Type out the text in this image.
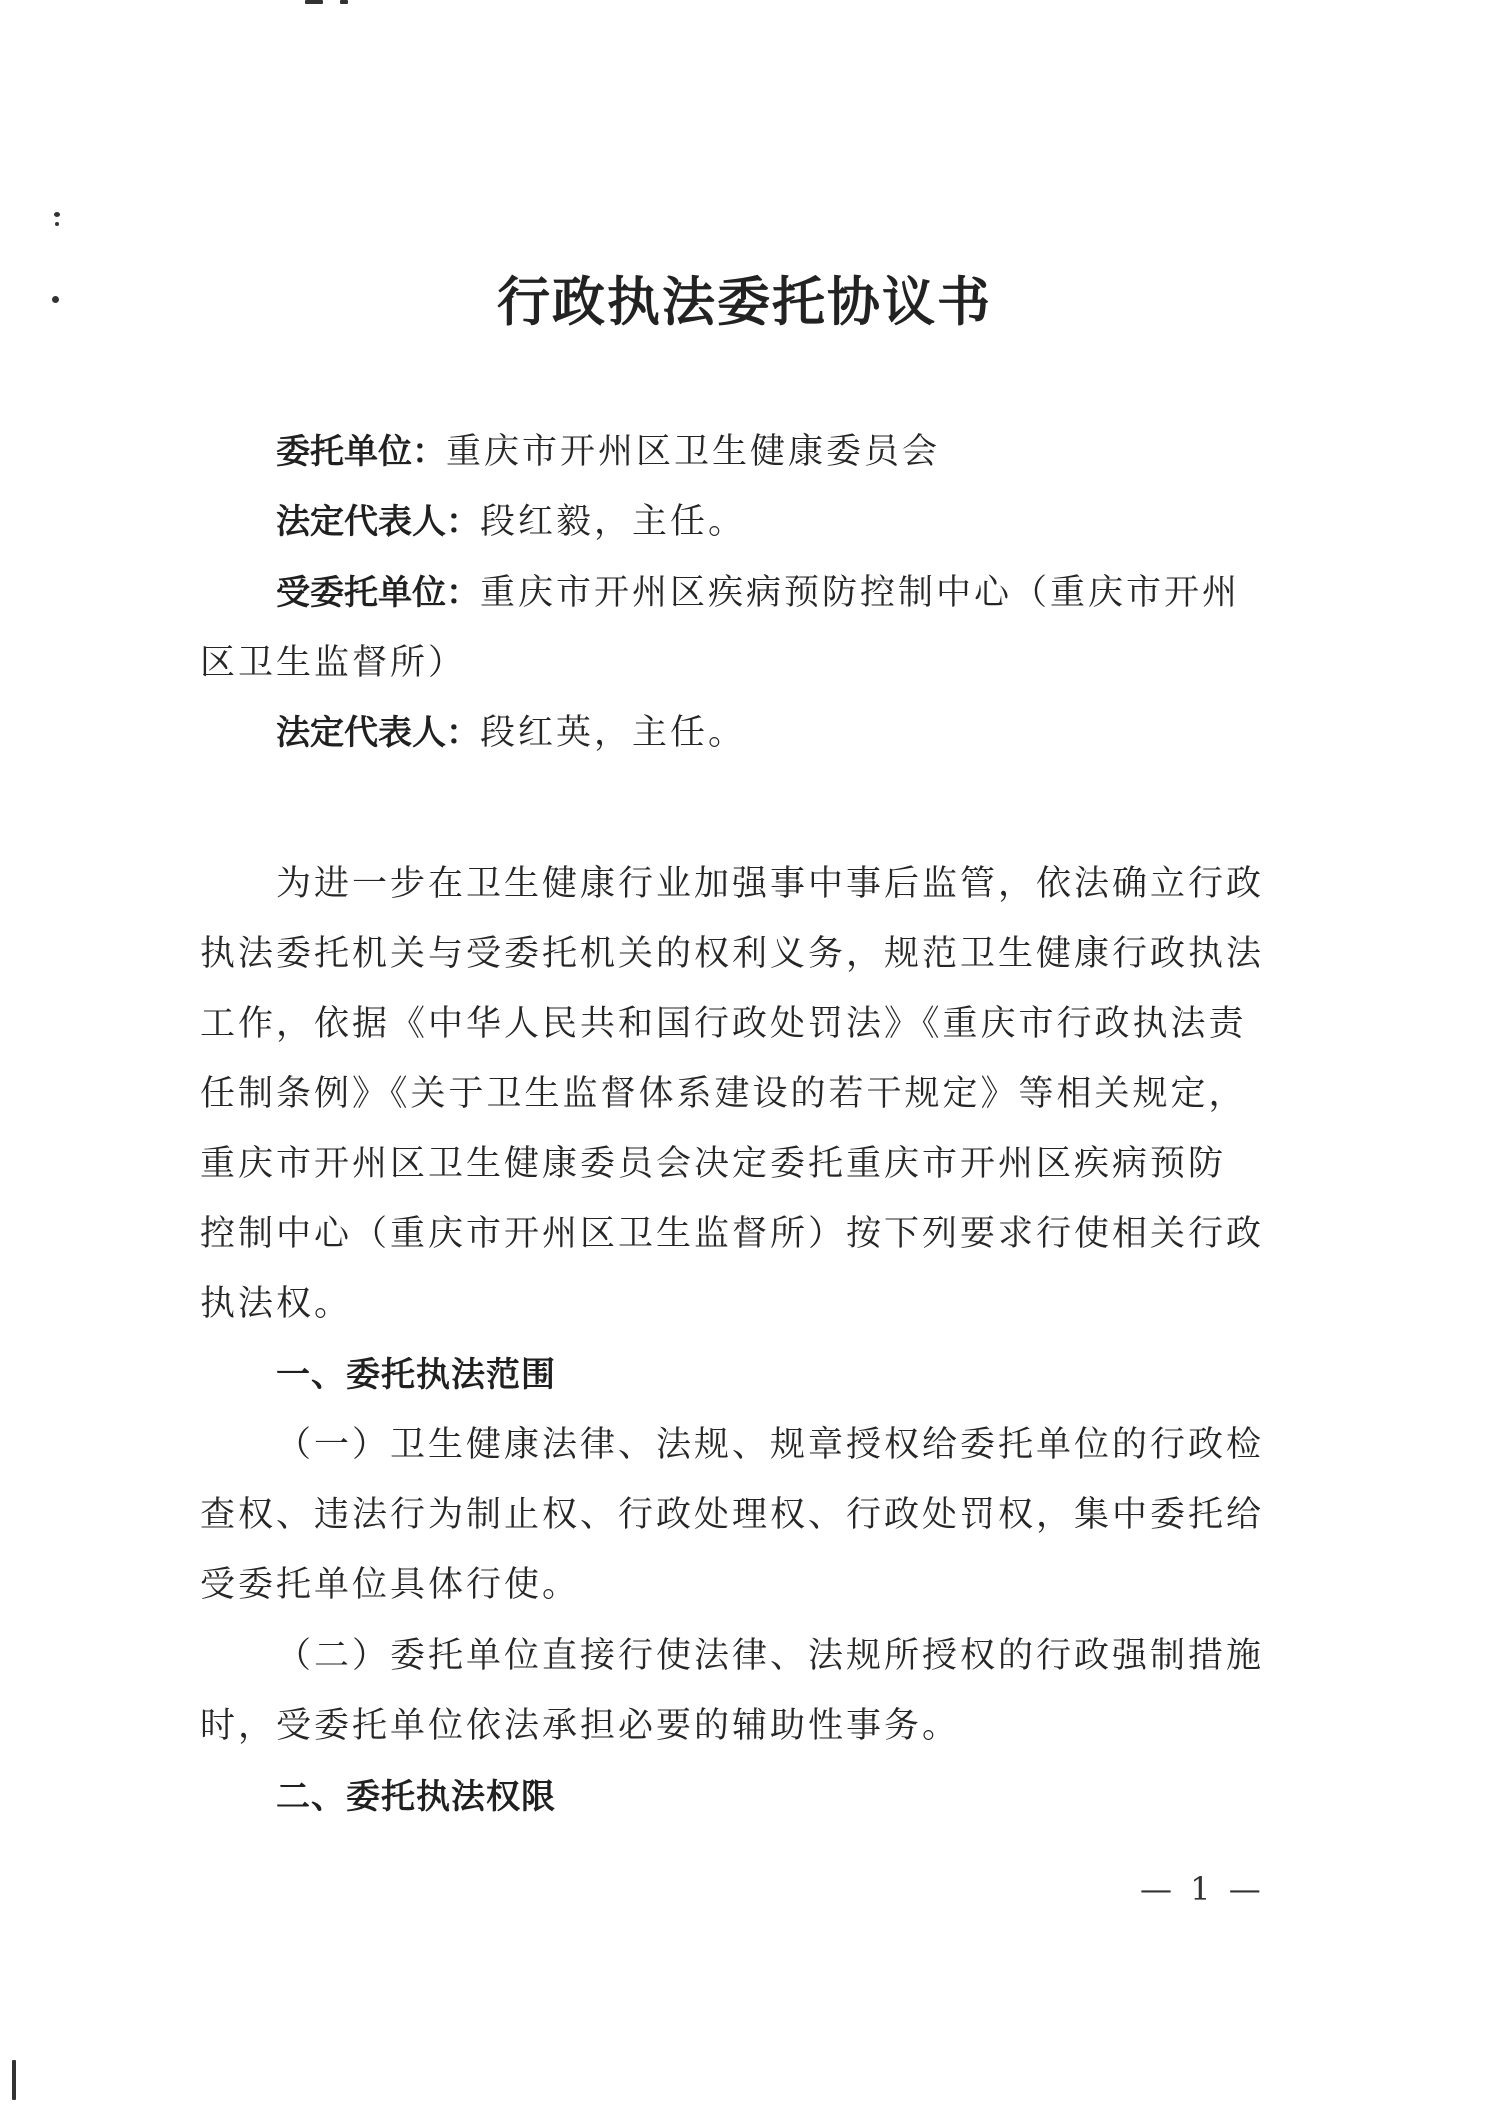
行政执法委托协议书
委托单位：重庆市开州区卫生健康委员会
法定代表人：段红毅，主任。
受委托单位：重庆市开州区疾病预防控制中心（重庆市开州
区卫生监督所）
法定代表人：段红英，主任。
为进一步在卫生健康行业加强事中事后监管，依法确立行政
执法委托机关与受委托机关的权利义务，规范卫生健康行政执法
工作，依据《中华人民共和国行政处罚法》《重庆市行政执法责
任制条例》《关于卫生监督体系建设的若干规定》等相关规定，
重庆市开州区卫生健康委员会决定委托重庆市开州区疾病预防
控制中心（重庆市开州区卫生监督所）按下列要求行使相关行政
执法权。
一、委托执法范围
（一）卫生健康法律、法规、规章授权给委托单位的行政检
查权、违法行为制止权、行政处理权、行政处罚权，集中委托给
受委托单位具体行使。
（二）委托单位直接行使法律、法规所授权的行政强制措施
时，受委托单位依法承担必要的辅助性事务。
二、委托执法权限
— 1 —
